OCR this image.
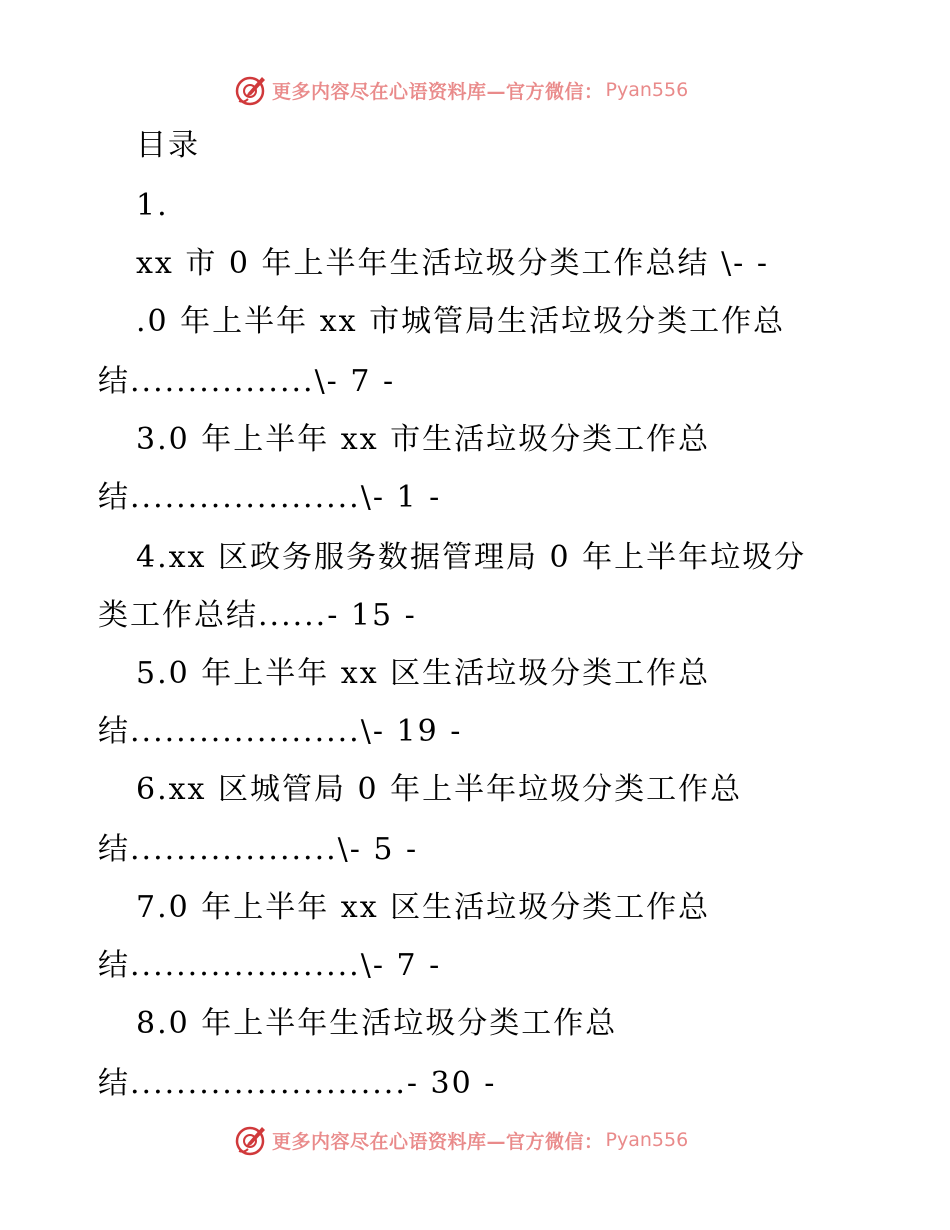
更多内容尽在心语资料库—官方微信： Pyan556
目录
1.
xx 市 0 年上半年生活垃圾分类工作总结 \- -
.0 年上半年 xx 市城管局生活垃圾分类工作总
结................\- 7 -
3.0 年上半年 xx 市生活垃圾分类工作总
结....................\- 1 -
4.xx 区政务服务数据管理局 0 年上半年垃圾分
类工作总结......- 15 -
5.0 年上半年 xx 区生活垃圾分类工作总
结....................\- 19 -
6.xx 区城管局 0 年上半年垃圾分类工作总
结..................\- 5 -
7.0 年上半年 xx 区生活垃圾分类工作总
结....................\- 7 -
8.0 年上半年生活垃圾分类工作总
结........................- 30 -
更多内容尽在心语资料库—官方微信： Pyan556
